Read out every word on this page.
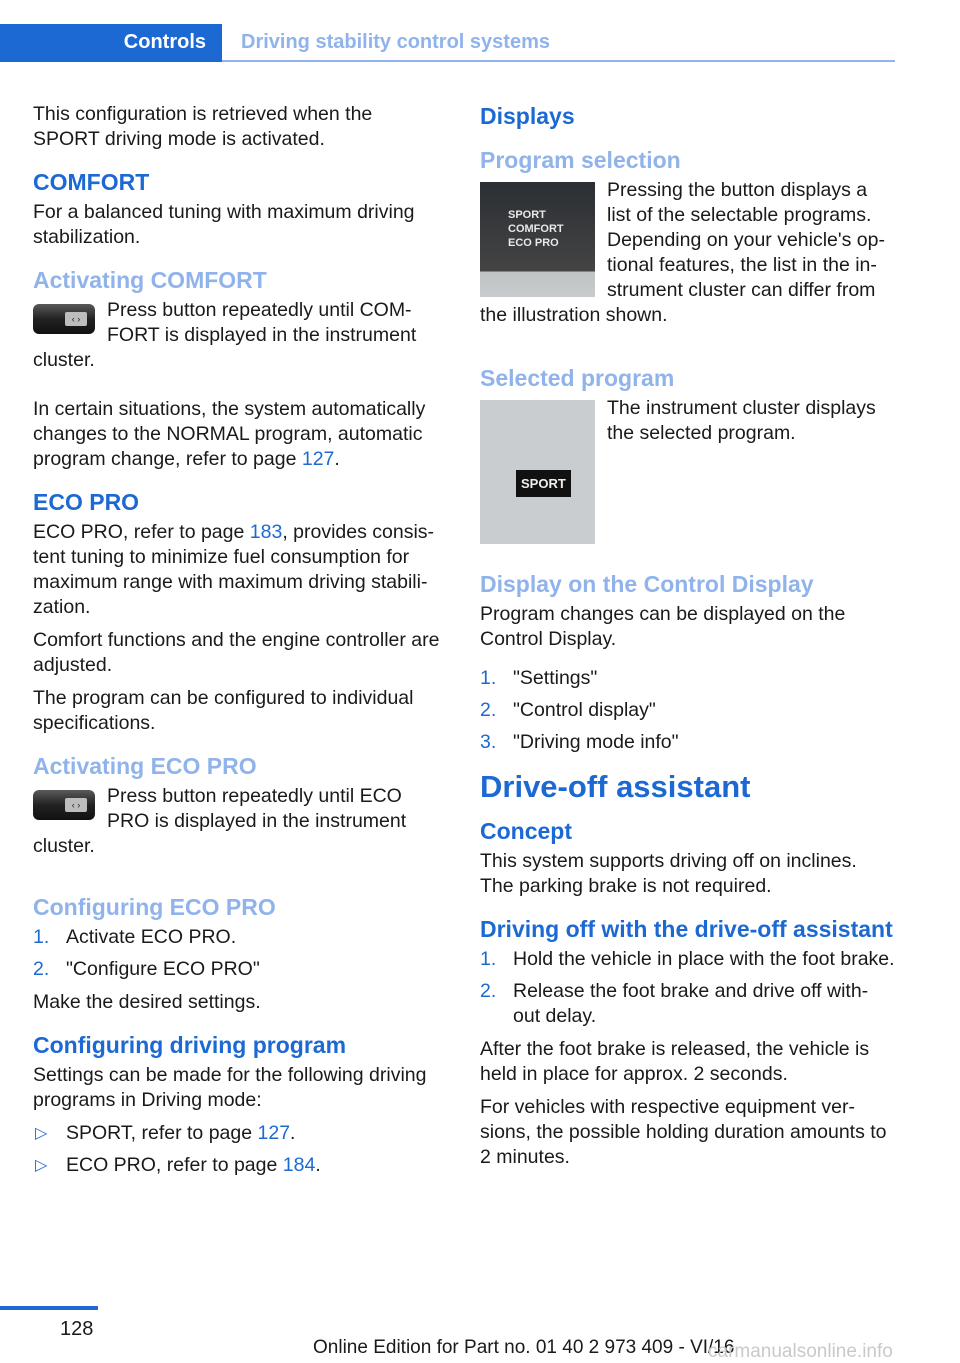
Controls Driving stability control systems

This configuration is retrieved when the SPORT driving mode is activated.

COMFORT

For a balanced tuning with maximum driving stabilization.

Activating COMFORT
‹ ›	Press button repeatedly until COM‐FORT is displayed in the instrument cluster.

In certain situations, the system automatically changes to the NORMAL program, automatic program change, refer to page 127.

ECO PRO

ECO PRO, refer to page 183, provides consis‐tent tuning to minimize fuel consumption for maximum range with maximum driving stabili‐zation.

Comfort functions and the engine controller are adjusted.

The program can be configured to individual specifications.

Activating ECO PRO
‹ ›	Press button repeatedly until ECO PRO is displayed in the instrument cluster.

Configuring ECO PRO
1. Activate ECO PRO.
2. "Configure ECO PRO"

Make the desired settings.

Configuring driving program

Settings can be made for the following driving programs in Driving mode:

▷ SPORT, refer to page 127.
▷ ECO PRO, refer to page 184.
Displays
Program selection
SPORT
COMFORT
ECO PRO

Pressing the button displays a list of the selectable programs. Depending on your vehicle's op‐tional features, the list in the in‐strument cluster can differ from the illustration shown.

Selected program
SPORT

The instrument cluster displays the selected program.

Display on the Control Display

Program changes can be displayed on the Control Display.

1. "Settings"
2. "Control display"
3. "Driving mode info"
Drive-off assistant
Concept

This system supports driving off on inclines. The parking brake is not required.

Driving off with the drive-off assistant
1. Hold the vehicle in place with the foot brake.
2. Release the foot brake and drive off with‐out delay.

After the foot brake is released, the vehicle is held in place for approx. 2 seconds.

For vehicles with respective equipment ver‐sions, the possible holding duration amounts to 2 minutes.

128
Online Edition for Part no. 01 40 2 973 409 - VI/16
carmanualsonline.info
